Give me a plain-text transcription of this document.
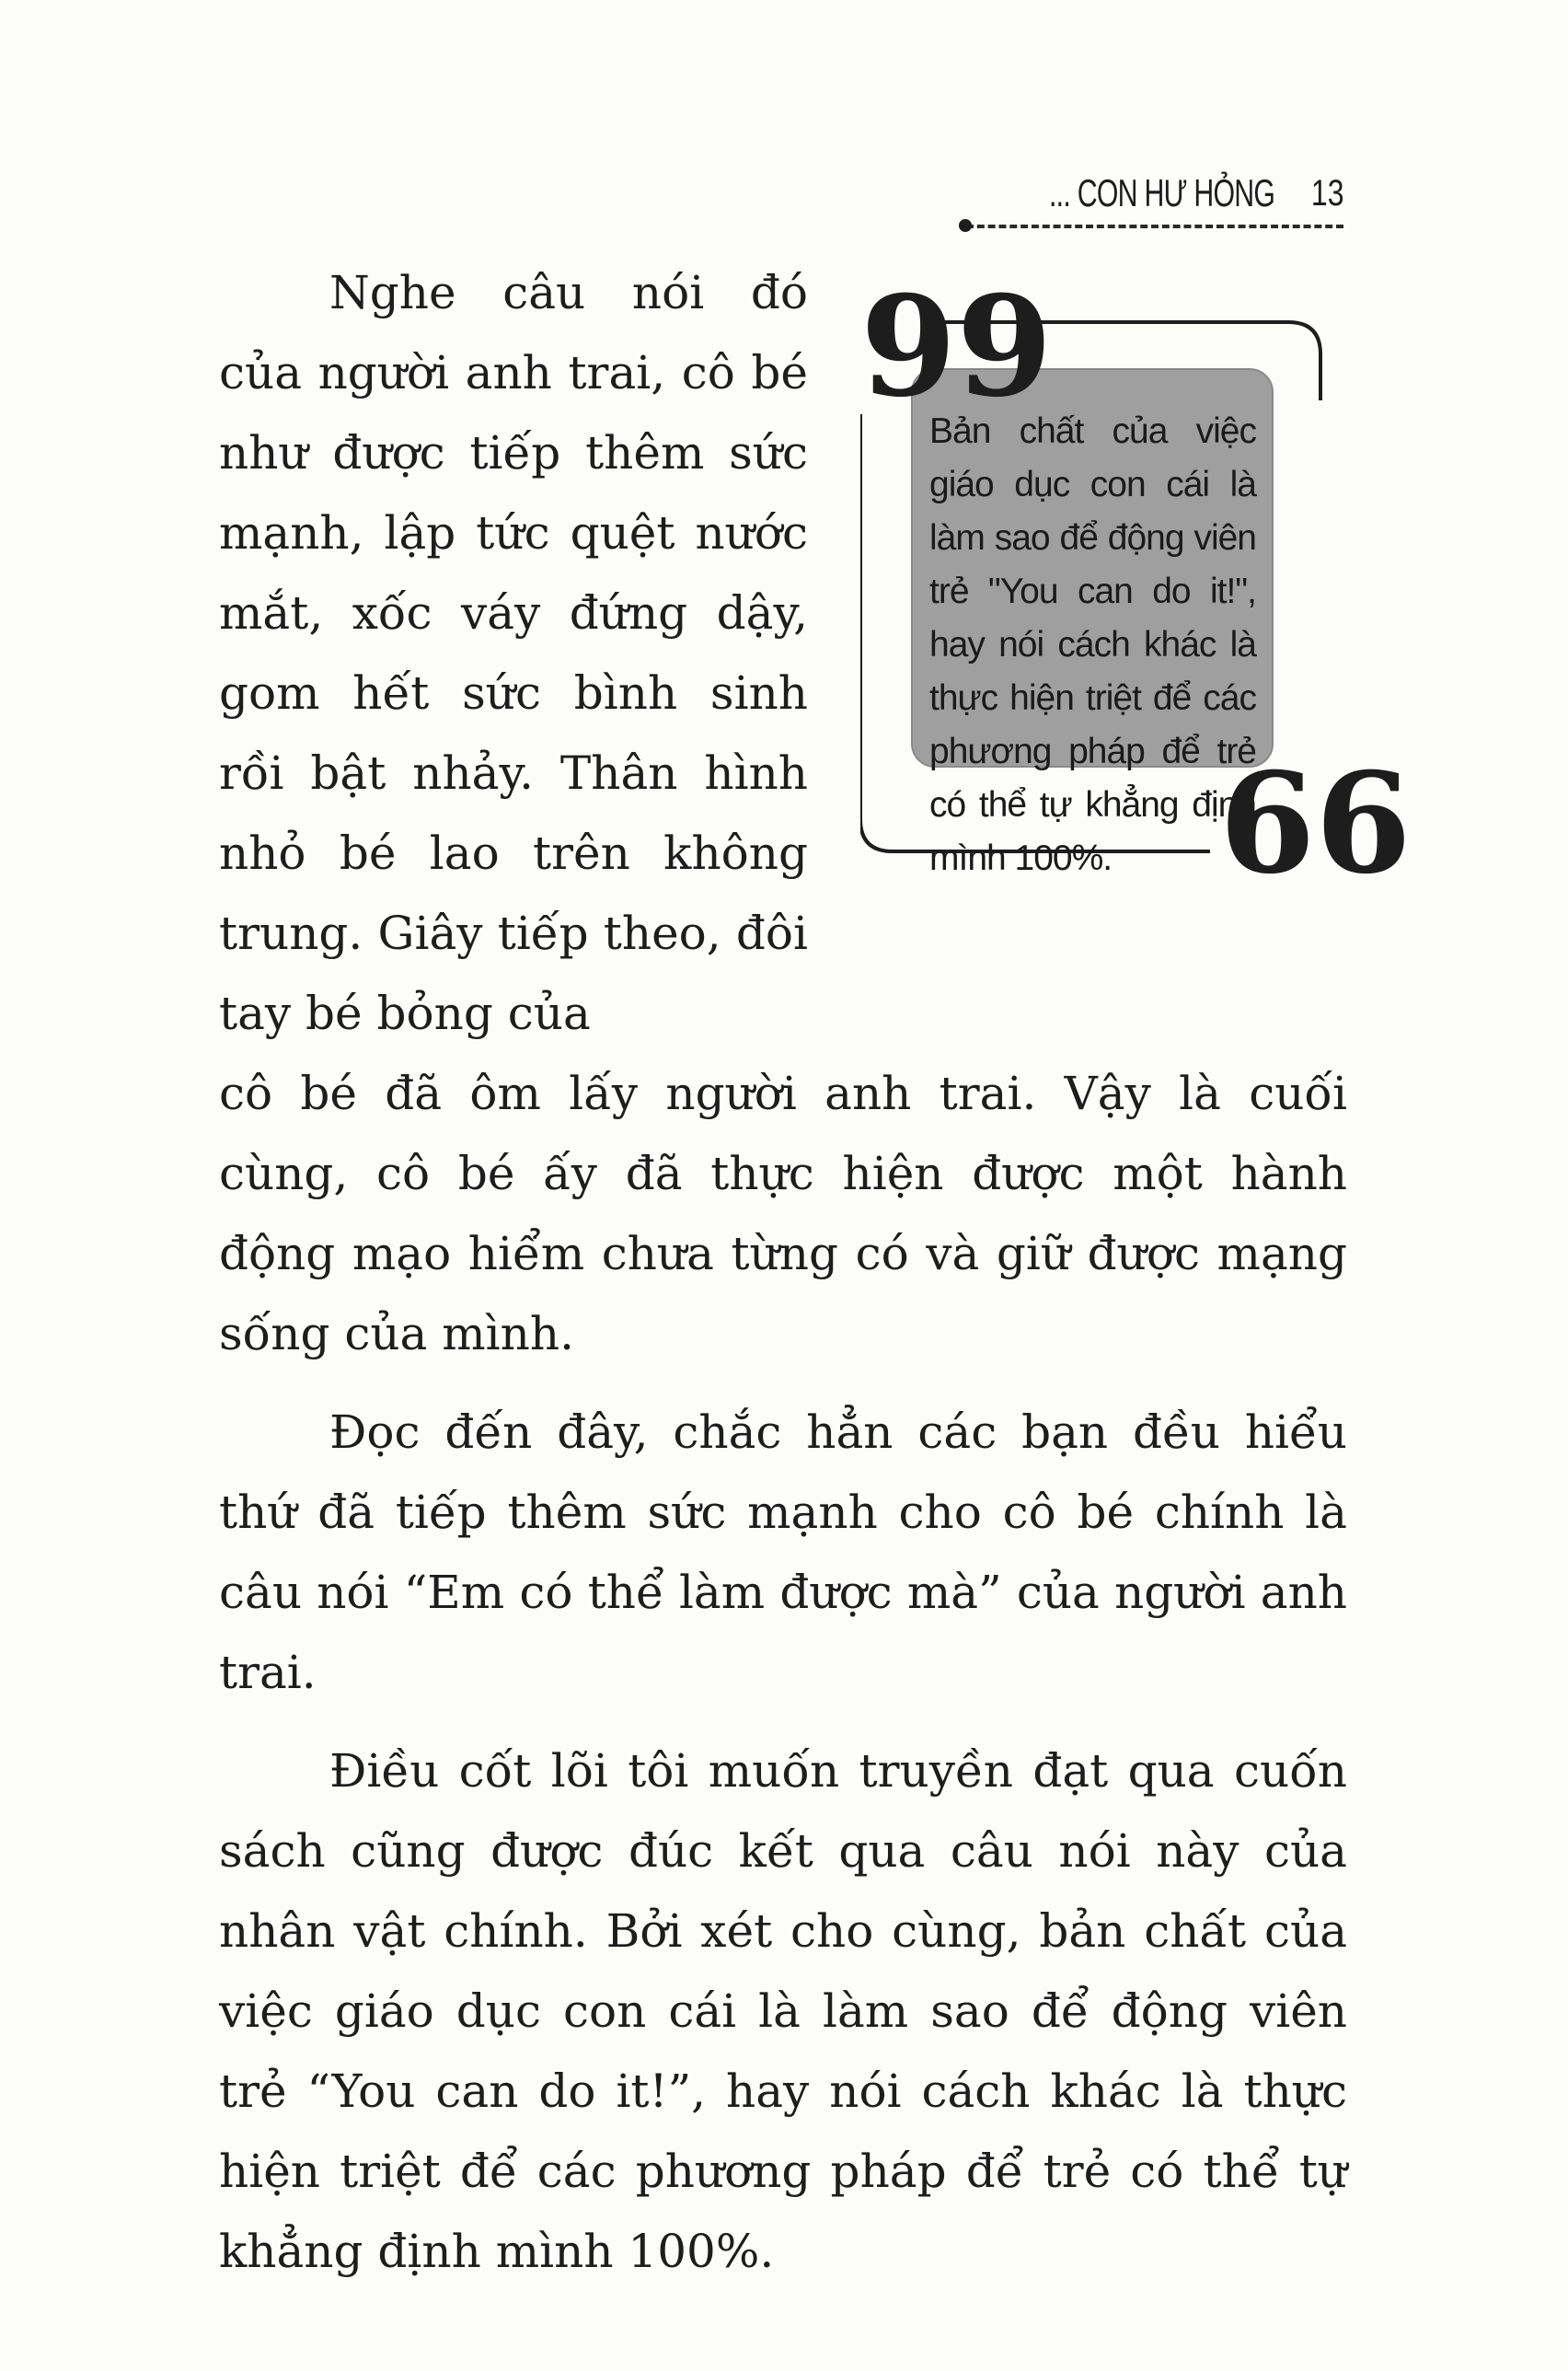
... CON HƯ HỎNG 13
Bản chất của việc giáo dục con cái là làm sao để động viên trẻ "You can do it!", hay nói cách khác là thực hiện triệt để các phương pháp để trẻ có thể tự khẳng định mình 100%.
99
66

Nghe câu nói đó của người anh trai, cô bé như được tiếp thêm sức mạnh, lập tức quệt nước mắt, xốc váy đứng dậy, gom hết sức bình sinh rồi bật nhảy. Thân hình nhỏ bé lao trên không trung. Giây tiếp theo, đôi tay bé bỏng của

cô bé đã ôm lấy người anh trai. Vậy là cuối cùng, cô bé ấy đã thực hiện được một hành động mạo hiểm chưa từng có và giữ được mạng sống của mình.

Đọc đến đây, chắc hẳn các bạn đều hiểu thứ đã tiếp thêm sức mạnh cho cô bé chính là câu nói “Em có thể làm được mà” của người anh trai.

Điều cốt lõi tôi muốn truyền đạt qua cuốn sách cũng được đúc kết qua câu nói này của nhân vật chính. Bởi xét cho cùng, bản chất của việc giáo dục con cái là làm sao để động viên trẻ “You can do it!”, hay nói cách khác là thực hiện triệt để các phương pháp để trẻ có thể tự khẳng định mình 100%.
